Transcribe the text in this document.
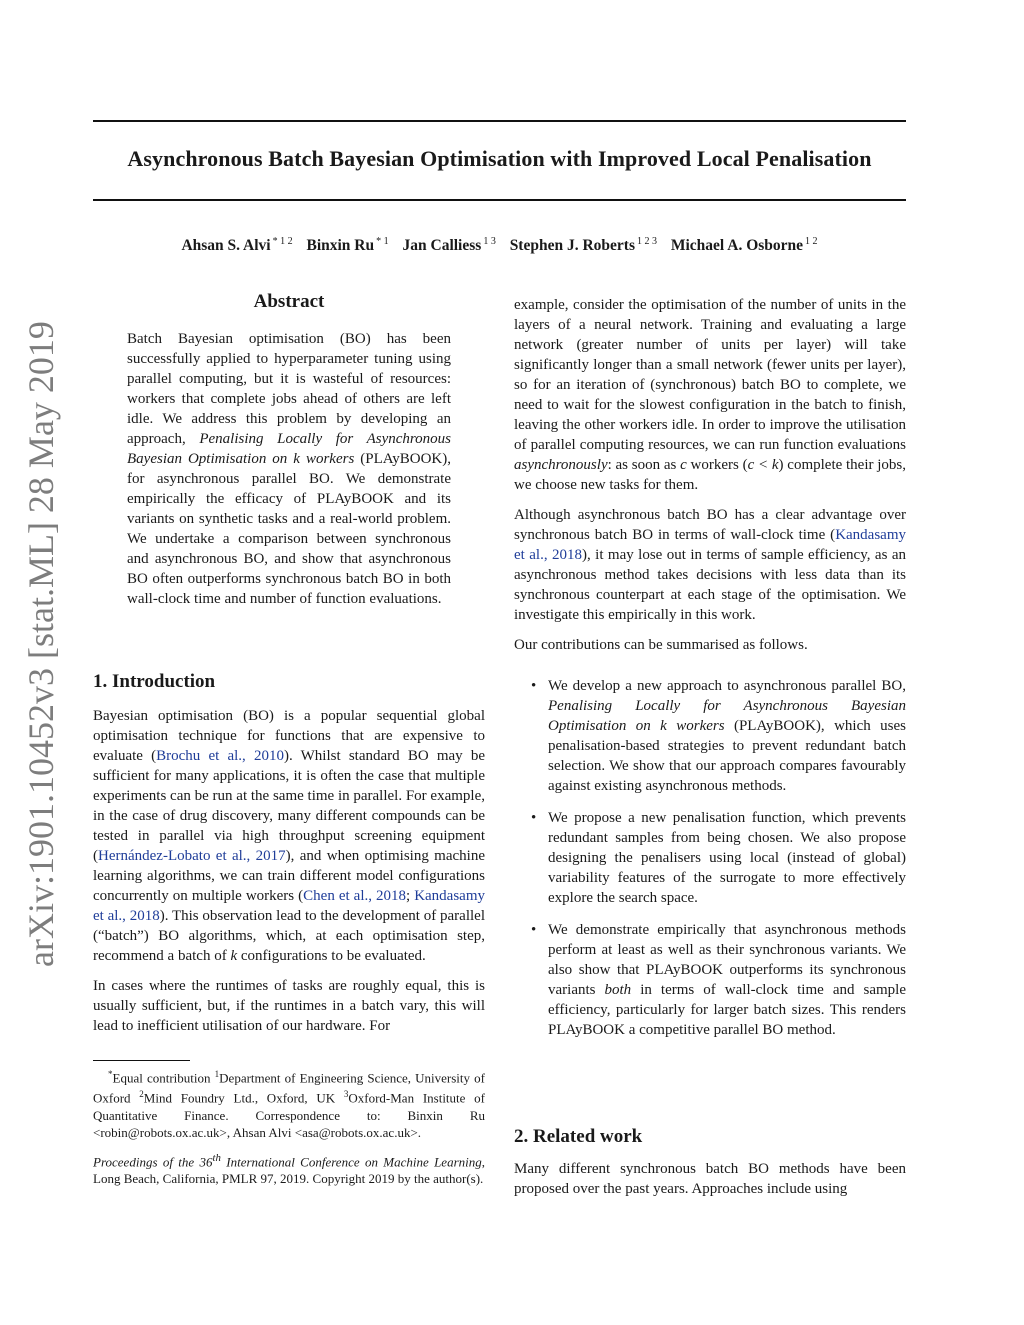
Asynchronous Batch Bayesian Optimisation with Improved Local Penalisation
Ahsan S. Alvi $^{* 1 2}$ Binxin Ru $^{* 1}$ Jan Calliess $^{1 3}$ Stephen J. Roberts $^{1 2 3}$ Michael A. Osborne $^{1 2}$
arXiv:1901.10452v3 [stat.ML] 28 May 2019
Abstract

Batch Bayesian optimisation (BO) has been successfully applied to hyperparameter tuning using parallel computing, but it is wasteful of resources: workers that complete jobs ahead of others are left idle. We address this problem by developing an approach, Penalising Locally for Asynchronous Bayesian Optimisation on k workers (PLAyBOOK), for asynchronous parallel BO. We demonstrate empirically the efficacy of PLAyBOOK and its variants on synthetic tasks and a real-world problem. We undertake a comparison between synchronous and asynchronous BO, and show that asynchronous BO often outperforms synchronous batch BO in both wall-clock time and number of function evaluations.

1. Introduction

Bayesian optimisation (BO) is a popular sequential global optimisation technique for functions that are expensive to evaluate (Brochu et al., 2010). Whilst standard BO may be sufficient for many applications, it is often the case that multiple experiments can be run at the same time in parallel. For example, in the case of drug discovery, many different compounds can be tested in parallel via high throughput screening equipment (Hernández-Lobato et al., 2017), and when optimising machine learning algorithms, we can train different model configurations concurrently on multiple workers (Chen et al., 2018; Kandasamy et al., 2018). This observation lead to the development of parallel (“batch”) BO algorithms, which, at each optimisation step, recommend a batch of k configurations to be evaluated.

In cases where the runtimes of tasks are roughly equal, this is usually sufficient, but, if the runtimes in a batch vary, this will lead to inefficient utilisation of our hardware. For

*Equal contribution $^1$Department of Engineering Science, University of Oxford $^2$Mind Foundry Ltd., Oxford, UK $^3$Oxford-Man Institute of Quantitative Finance. Correspondence to: Binxin Ru <robin@robots.ox.ac.uk>, Ahsan Alvi <asa@robots.ox.ac.uk>.

Proceedings of the 36th International Conference on Machine Learning, Long Beach, California, PMLR 97, 2019. Copyright 2019 by the author(s).

example, consider the optimisation of the number of units in the layers of a neural network. Training and evaluating a large network (greater number of units per layer) will take significantly longer than a small network (fewer units per layer), so for an iteration of (synchronous) batch BO to complete, we need to wait for the slowest configuration in the batch to finish, leaving the other workers idle. In order to improve the utilisation of parallel computing resources, we can run function evaluations asynchronously: as soon as c workers (c < k) complete their jobs, we choose new tasks for them.

Although asynchronous batch BO has a clear advantage over synchronous batch BO in terms of wall-clock time (Kandasamy et al., 2018), it may lose out in terms of sample efficiency, as an asynchronous method takes decisions with less data than its synchronous counterpart at each stage of the optimisation. We investigate this empirically in this work.

Our contributions can be summarised as follows.

• We develop a new approach to asynchronous parallel BO, Penalising Locally for Asynchronous Bayesian Optimisation on k workers (PLAyBOOK), which uses penalisation-based strategies to prevent redundant batch selection. We show that our approach compares favourably against existing asynchronous methods.
• We propose a new penalisation function, which prevents redundant samples from being chosen. We also propose designing the penalisers using local (instead of global) variability features of the surrogate to more effectively explore the search space.
• We demonstrate empirically that asynchronous methods perform at least as well as their synchronous variants. We also show that PLAyBOOK outperforms its synchronous variants both in terms of wall-clock time and sample efficiency, particularly for larger batch sizes. This renders PLAyBOOK a competitive parallel BO method.
2. Related work

Many different synchronous batch BO methods have been proposed over the past years. Approaches include using
